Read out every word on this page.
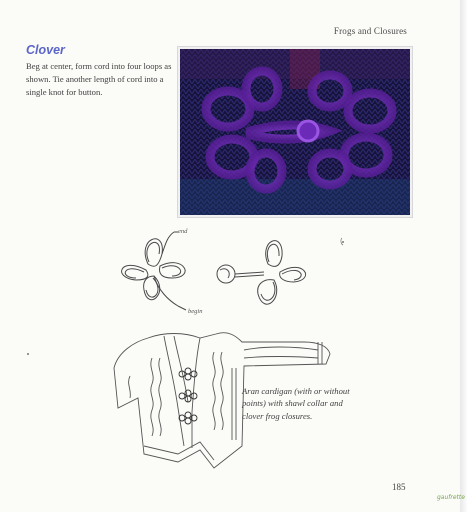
Frogs and Closures
Clover
Beg at center, form cord into four loops as shown. Tie another length of cord into a single knot for button.
end
begin
Aran cardigan (with or without points) with shawl collar and clover frog closures.
185
gaufrette
